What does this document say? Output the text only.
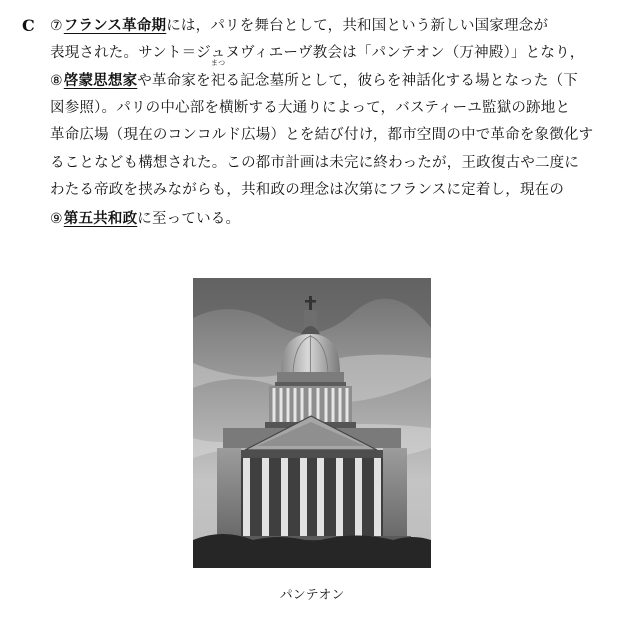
C ⑦フランス革命期には，パリを舞台として，共和国という新しい国家理念が
表現された。サント＝ジュヌヴィエーヴ教会は「パンテオン（万神殿）」となり，
⑧啓蒙思想家や革命家を
まつ
祀る記念墓所として，彼らを神話化する場となった（下
図参照）。パリの中心部を横断する大通りによって，バスティーユ監獄の跡地と
革命広場（現在のコンコルド広場）とを結び付け，都市空間の中で革命を象徴化す
ることなども構想された。この都市計画は未完に終わったが，王政復古や二度に
わたる帝政を挟みながらも，共和政の理念は次第にフランスに定着し，現在の
⑨第五共和政に至っている。
パンテオン
